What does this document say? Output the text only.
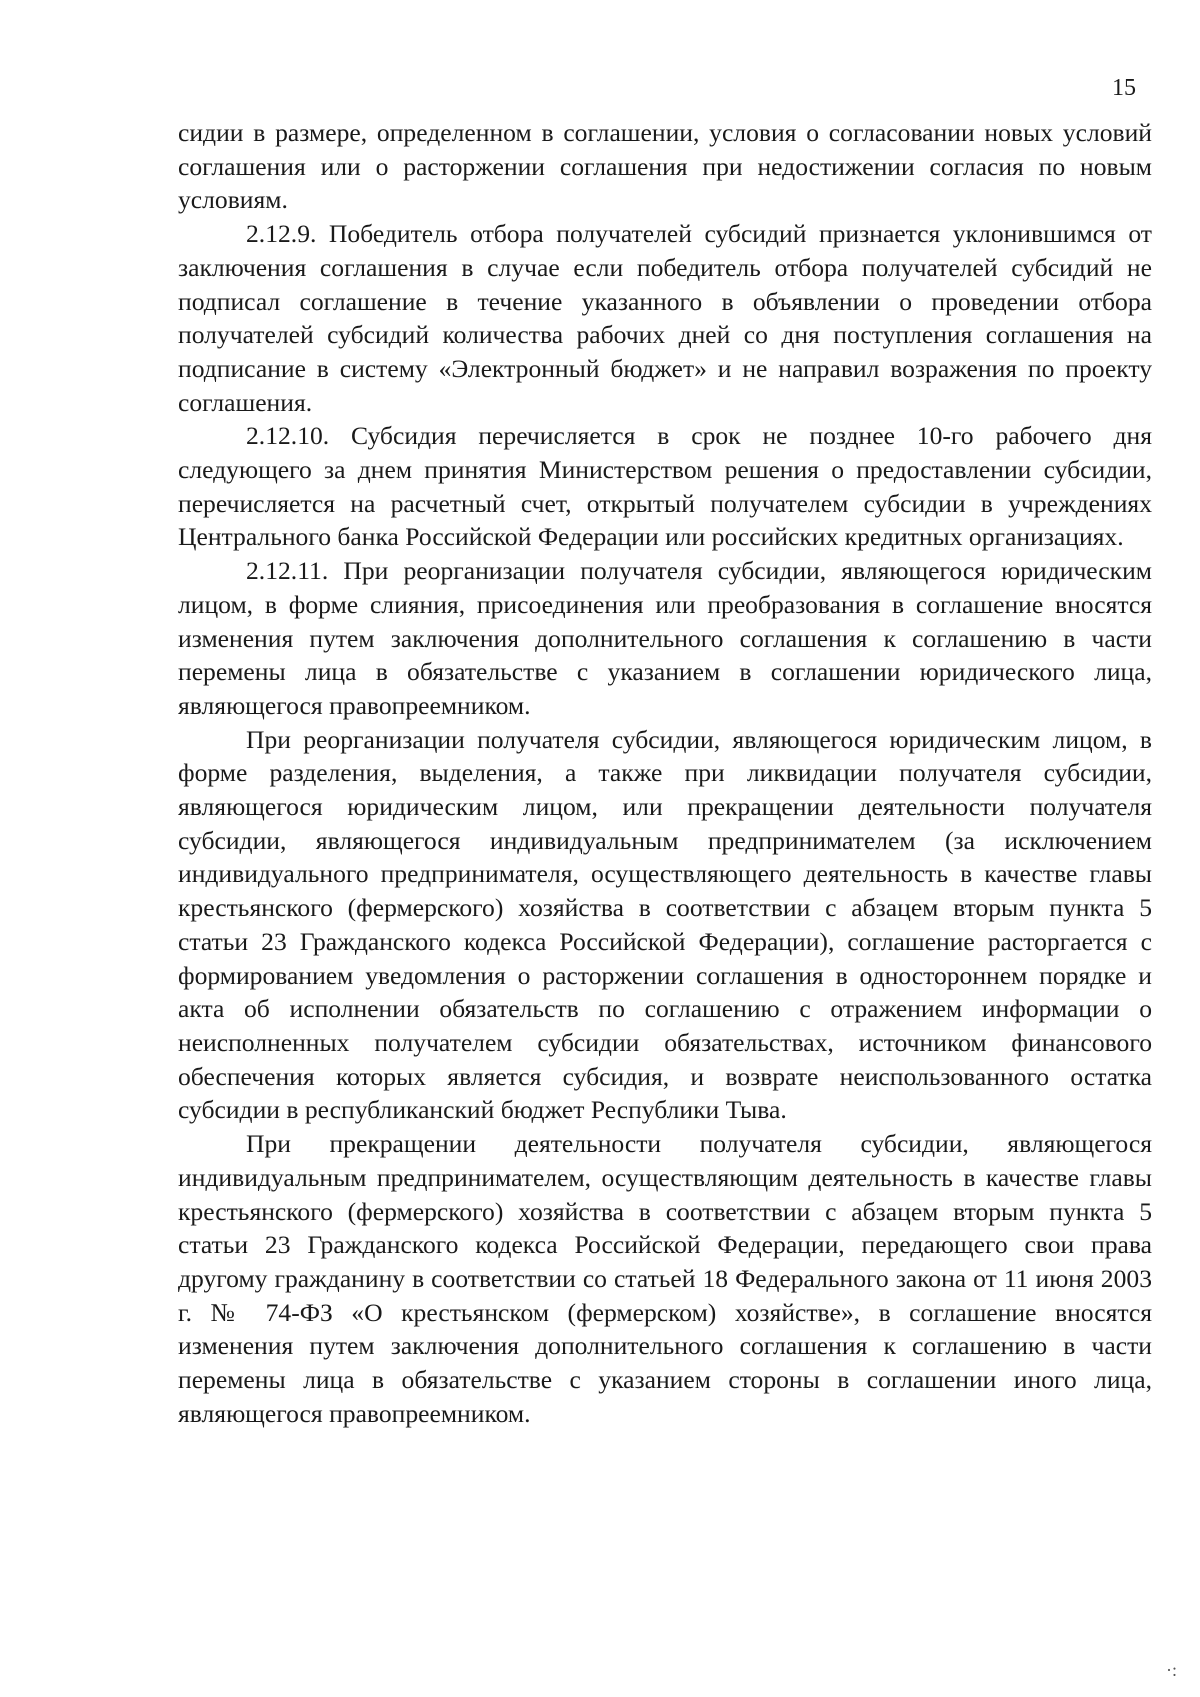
15

сидии в размере, определенном в соглашении, условия о согласовании новых условий соглашения или о расторжении соглашения при недостижении согласия по новым условиям.

2.12.9. Победитель отбора получателей субсидий признается уклонившимся от заключения соглашения в случае если победитель отбора получателей субсидий не подписал соглашение в течение указанного в объявлении о проведении отбора получателей субсидий количества рабочих дней со дня поступления соглашения на подписание в систему «Электронный бюджет» и не направил возражения по проекту соглашения.

2.12.10. Субсидия перечисляется в срок не позднее 10-го рабочего дня следующего за днем принятия Министерством решения о предоставлении субсидии, перечисляется на расчетный счет, открытый получателем субсидии в учреждениях Центрального банка Российской Федерации или российских кредитных организациях.

2.12.11. При реорганизации получателя субсидии, являющегося юридическим лицом, в форме слияния, присоединения или преобразования в соглашение вносятся изменения путем заключения дополнительного соглашения к соглашению в части перемены лица в обязательстве с указанием в соглашении юридического лица, являющегося правопреемником.

При реорганизации получателя субсидии, являющегося юридическим лицом, в форме разделения, выделения, а также при ликвидации получателя субсидии, являющегося юридическим лицом, или прекращении деятельности получателя субсидии, являющегося индивидуальным предпринимателем (за исключением индивидуального предпринимателя, осуществляющего деятельность в качестве главы крестьянского (фермерского) хозяйства в соответствии с абзацем вторым пункта 5 статьи 23 Гражданского кодекса Российской Федерации), соглашение расторгается с формированием уведомления о расторжении соглашения в одностороннем порядке и акта об исполнении обязательств по соглашению с отражением информации о неисполненных получателем субсидии обязательствах, источником финансового обеспечения которых является субсидия, и возврате неиспользованного остатка субсидии в республиканский бюджет Республики Тыва.

При прекращении деятельности получателя субсидии, являющегося индивидуальным предпринимателем, осуществляющим деятельность в качестве главы крестьянского (фермерского) хозяйства в соответствии с абзацем вторым пункта 5 статьи 23 Гражданского кодекса Российской Федерации, передающего свои права другому гражданину в соответствии со статьей 18 Федерального закона от 11 июня 2003 г. № 74-ФЗ «О крестьянском (фермерском) хозяйстве», в соглашение вносятся изменения путем заключения дополнительного соглашения к соглашению в части перемены лица в обязательстве с указанием стороны в соглашении иного лица, являющегося правопреемником.

·:
